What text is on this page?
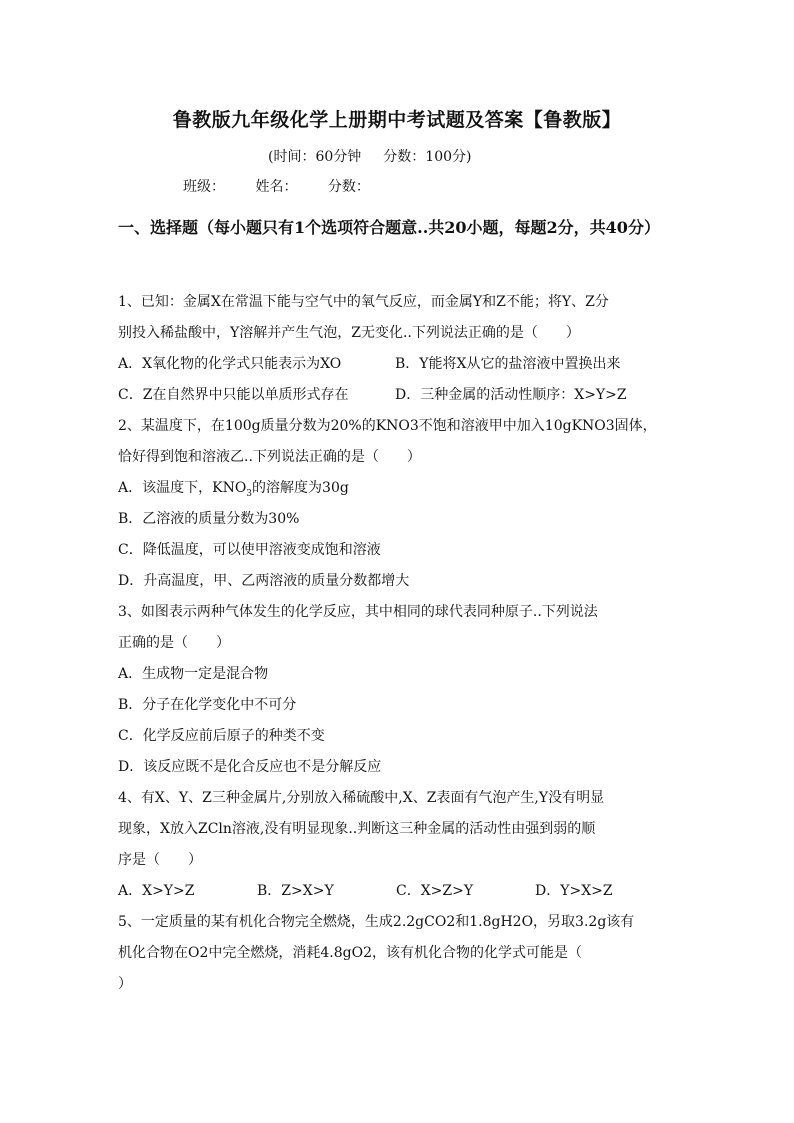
鲁教版九年级化学上册期中考试题及答案【鲁教版】
(时间：60分钟 分数：100分)
班级： 姓名： 分数：
一、选择题（每小题只有1个选项符合题意..共20小题，每题2分，共40分）
1、已知：金属X在常温下能与空气中的氧气反应，而金属Y和Z不能；将Y、Z分
别投入稀盐酸中，Y溶解并产生气泡，Z无变化..下列说法正确的是（　　）
A．X氧化物的化学式只能表示为XO	B．Y能将X从它的盐溶液中置换出来
C．Z在自然界中只能以单质形式存在	D．三种金属的活动性顺序：X>Y>Z
2、某温度下，在100g质量分数为20%的KNO3不饱和溶液甲中加入10gKNO3固体，
恰好得到饱和溶液乙..下列说法正确的是（　　）
A．该温度下，$KNO_3$的溶解度为30g
B．乙溶液的质量分数为30%
C．降低温度，可以使甲溶液变成饱和溶液
D．升高温度，甲、乙两溶液的质量分数都增大
3、如图表示两种气体发生的化学反应，其中相同的球代表同种原子..下列说法
正确的是（　　）
A．生成物一定是混合物
B．分子在化学变化中不可分
C．化学反应前后原子的种类不变
D．该反应既不是化合反应也不是分解反应
4、有X、Y、Z三种金属片,分别放入稀硫酸中,X、Z表面有气泡产生,Y没有明显
现象，X放入ZCln溶液,没有明显现象..判断这三种金属的活动性由强到弱的顺
序是（　　）
A．X>Y>Z	B．Z>X>Y	C．X>Z>Y	D．Y>X>Z
5、一定质量的某有机化合物完全燃烧，生成2.2gCO2和1.8gH2O，另取3.2g该有
机化合物在O2中完全燃烧，消耗4.8gO2，该有机化合物的化学式可能是（
）
